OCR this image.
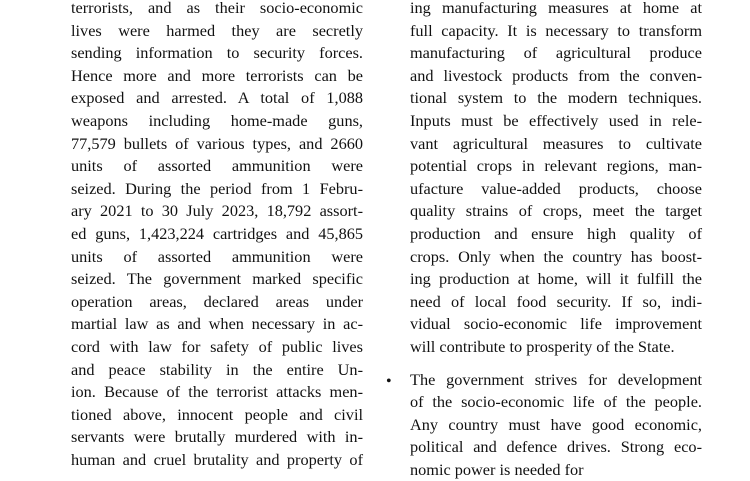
terrorists, and as their socio-economic
lives were harmed they are secretly
sending information to security forces.
Hence more and more terrorists can be
exposed and arrested. A total of 1,088
weapons including home-made guns,
77,579 bullets of various types, and 2660
units of assorted ammunition were
seized. During the period from 1 Febru-
ary 2021 to 30 July 2023, 18,792 assort-
ed guns, 1,423,224 cartridges and 45,865
units of assorted ammunition were
seized. The government marked specific
operation areas, declared areas under
martial law as and when necessary in ac-
cord with law for safety of public lives
and peace stability in the entire Un-
ion. Because of the terrorist attacks men-
tioned above, innocent people and civil
servants were brutally murdered with in-
human and cruel brutality and property of
ing manufacturing measures at home at
full capacity. It is necessary to transform
manufacturing of agricultural produce
and livestock products from the conven-
tional system to the modern techniques.
Inputs must be effectively used in rele-
vant agricultural measures to cultivate
potential crops in relevant regions, man-
ufacture value-added products, choose
quality strains of crops, meet the target
production and ensure high quality of
crops. Only when the country has boost-
ing production at home, will it fulfill the
need of local food security. If so, indi-
vidual socio-economic life improvement
will contribute to prosperity of the State.
The government strives for development
of the socio-economic life of the people.
Any country must have good economic,
political and defence drives. Strong eco-
nomic power is needed for
•
